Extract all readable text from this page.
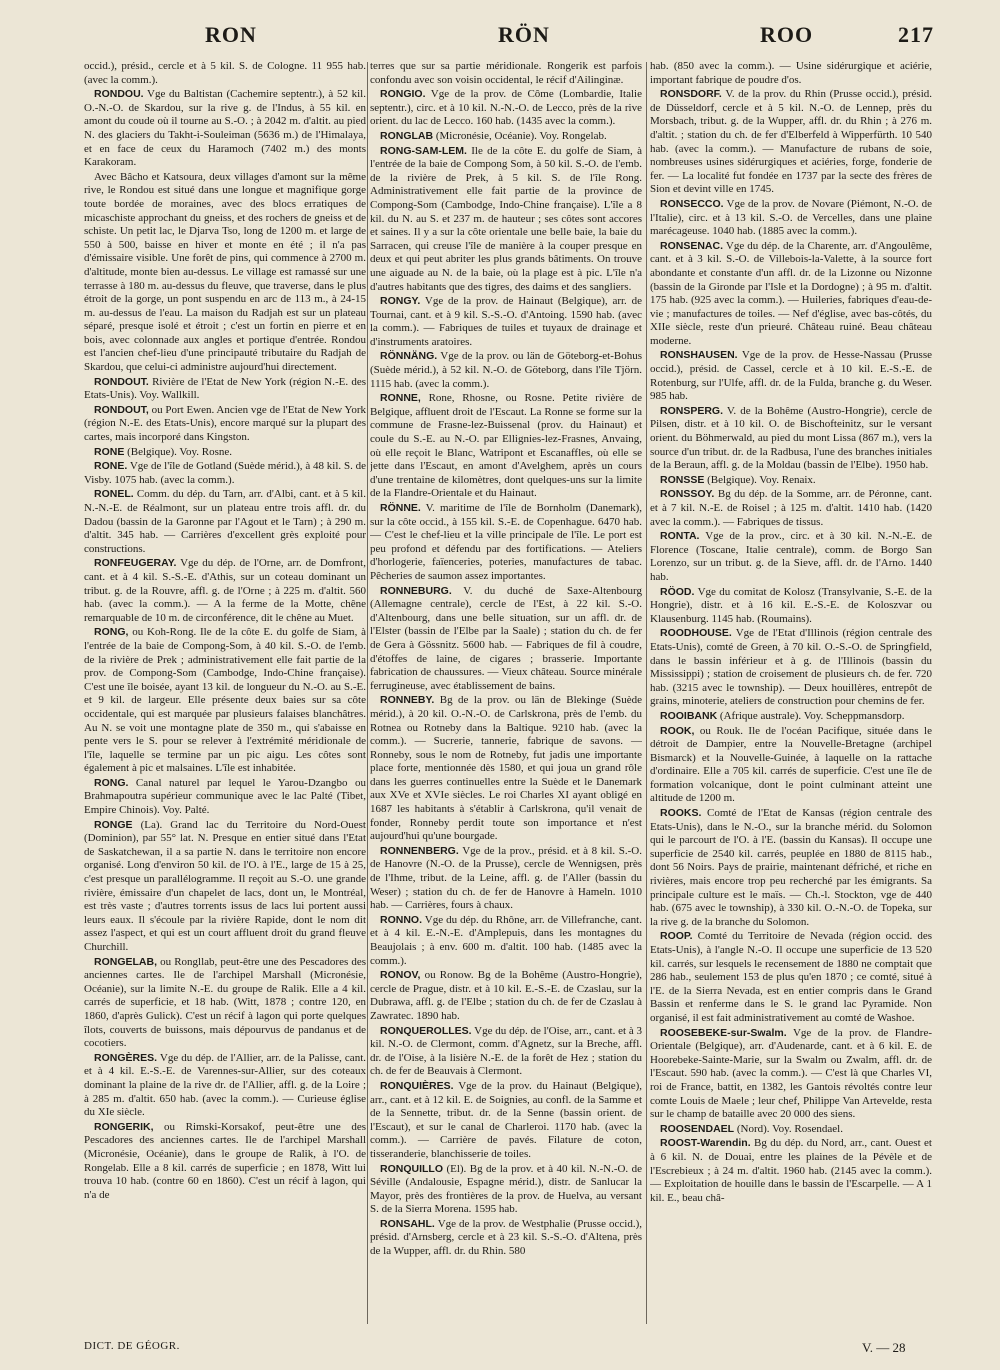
RON	RÖN	ROO	217

occid.), présid., cercle et à 5 kil. S. de Cologne. 11 955 hab. (avec la comm.).

RONDOU. Vge du Baltistan (Cachemire septentr.), à 52 kil. O.-N.-O. de Skardou, sur la rive g. de l'Indus, à 55 kil. en amont du coude où il tourne au S.-O. ; à 2042 m. d'altit. au pied N. des glaciers du Takht-i-Souleiman (5636 m.) de l'Himalaya, et en face de ceux du Haramoch (7402 m.) des monts Karakoram.

Avec Bâcho et Katsoura, deux villages d'amont sur la même rive, le Rondou est situé dans une longue et magnifique gorge toute bordée de moraines, avec des blocs erratiques de micaschiste approchant du gneiss, et des rochers de gneiss et de schiste. Un petit lac, le Djarva Tso, long de 1200 m. et large de 550 à 500, baisse en hiver et monte en été ; il n'a pas d'émissaire visible. Une forêt de pins, qui commence à 2700 m. d'altitude, monte bien au-dessus. Le village est ramassé sur une terrasse à 180 m. au-dessus du fleuve, que traverse, dans le plus étroit de la gorge, un pont suspendu en arc de 113 m., à 24-15 m. au-dessus de l'eau. La maison du Radjah est sur un plateau séparé, presque isolé et étroit ; c'est un fortin en pierre et en bois, avec colonnade aux angles et portique d'entrée. Rondou est l'ancien chef-lieu d'une principauté tributaire du Radjah de Skardou, que celui-ci administre aujourd'hui directement.

RONDOUT. Rivière de l'Etat de New York (région N.-E. des Etats-Unis). Voy. Wallkill.

RONDOUT, ou Port Ewen. Ancien vge de l'Etat de New York (région N.-E. des Etats-Unis), encore marqué sur la plupart des cartes, mais incorporé dans Kingston.

RONE (Belgique). Voy. Rosne.

RONE. Vge de l'île de Gotland (Suède mérid.), à 48 kil. S. de Visby. 1075 hab. (avec la comm.).

RONEL. Comm. du dép. du Tarn, arr. d'Albi, cant. et à 5 kil. N.-N.-E. de Réalmont, sur un plateau entre trois affl. dr. du Dadou (bassin de la Garonne par l'Agout et le Tarn) ; à 290 m. d'altit. 345 hab. — Carrières d'excellent grès exploité pour constructions.

RONFEUGERAY. Vge du dép. de l'Orne, arr. de Domfront, cant. et à 4 kil. S.-S.-E. d'Athis, sur un coteau dominant un tribut. g. de la Rouvre, affl. g. de l'Orne ; à 225 m. d'altit. 560 hab. (avec la comm.). — A la ferme de la Motte, chêne remarquable de 10 m. de circonférence, dit le chêne au Muet.

RONG, ou Koh-Rong. Ile de la côte E. du golfe de Siam, à l'entrée de la baie de Compong-Som, à 40 kil. S.-O. de l'emb. de la rivière de Prek ; administrativement elle fait partie de la prov. de Compong-Som (Cambodge, Indo-Chine française). C'est une île boisée, ayant 13 kil. de longueur du N.-O. au S.-E. et 9 kil. de largeur. Elle présente deux baies sur sa côte occidentale, qui est marquée par plusieurs falaises blanchâtres. Au N. se voit une montagne plate de 350 m., qui s'abaisse en pente vers le S. pour se relever à l'extrémité méridionale de l'île, laquelle se termine par un pic aigu. Les côtes sont également à pic et malsaines. L'île est inhabitée.

RONG. Canal naturel par lequel le Yarou-Dzangbo ou Brahmapoutra supérieur communique avec le lac Palté (Tibet, Empire Chinois). Voy. Palté.

RONGE (La). Grand lac du Territoire du Nord-Ouest (Dominion), par 55° lat. N. Presque en entier situé dans l'Etat de Saskatchewan, il a sa partie N. dans le territoire non encore organisé. Long d'environ 50 kil. de l'O. à l'E., large de 15 à 25, c'est presque un parallélogramme. Il reçoit au S.-O. une grande rivière, émissaire d'un chapelet de lacs, dont un, le Montréal, est très vaste ; d'autres torrents issus de lacs lui portent aussi leurs eaux. Il s'écoule par la rivière Rapide, dont le nom dit assez l'aspect, et qui est un court affluent droit du grand fleuve Churchill.

RONGELAB, ou Rongllab, peut-être une des Pescadores des anciennes cartes. Ile de l'archipel Marshall (Micronésie, Océanie), sur la limite N.-E. du groupe de Ralik. Elle a 4 kil. carrés de superficie, et 18 hab. (Witt, 1878 ; contre 120, en 1860, d'après Gulick). C'est un récif à lagon qui porte quelques îlots, couverts de buissons, mais dépourvus de pandanus et de cocotiers.

RONGÈRES. Vge du dép. de l'Allier, arr. de la Palisse, cant. et à 4 kil. E.-S.-E. de Varennes-sur-Allier, sur des coteaux dominant la plaine de la rive dr. de l'Allier, affl. g. de la Loire ; à 285 m. d'altit. 650 hab. (avec la comm.). — Curieuse église du XIe siècle.

RONGERIK, ou Rimski-Korsakof, peut-être une des Pescadores des anciennes cartes. Ile de l'archipel Marshall (Micronésie, Océanie), dans le groupe de Ralik, à l'O. de Rongelab. Elle a 8 kil. carrés de superficie ; en 1878, Witt lui trouva 10 hab. (contre 60 en 1860). C'est un récif à lagon, qui n'a de

terres que sur sa partie méridionale. Rongerik est parfois confondu avec son voisin occidental, le récif d'Ailinginæ.

RONGIO. Vge de la prov. de Côme (Lombardie, Italie septentr.), circ. et à 10 kil. N.-N.-O. de Lecco, près de la rive orient. du lac de Lecco. 160 hab. (1435 avec la comm.).

RONGLAB (Micronésie, Océanie). Voy. Rongelab.

RONG-SAM-LEM. Ile de la côte E. du golfe de Siam, à l'entrée de la baie de Compong Som, à 50 kil. S.-O. de l'emb. de la rivière de Prek, à 5 kil. S. de l'île Rong. Administrativement elle fait partie de la province de Compong-Som (Cambodge, Indo-Chine française). L'île a 8 kil. du N. au S. et 237 m. de hauteur ; ses côtes sont accores et saines. Il y a sur la côte orientale une belle baie, la baie du Sarracen, qui creuse l'île de manière à la couper presque en deux et qui peut abriter les plus grands bâtiments. On trouve une aiguade au N. de la baie, où la plage est à pic. L'île n'a d'autres habitants que des tigres, des daims et des sangliers.

RONGY. Vge de la prov. de Hainaut (Belgique), arr. de Tournai, cant. et à 9 kil. S.-S.-O. d'Antoing. 1590 hab. (avec la comm.). — Fabriques de tuiles et tuyaux de drainage et d'instruments aratoires.

RÖNNÄNG. Vge de la prov. ou län de Göteborg-et-Bohus (Suède mérid.), à 52 kil. N.-O. de Göteborg, dans l'île Tjörn. 1115 hab. (avec la comm.).

RONNE, Rone, Rhosne, ou Rosne. Petite rivière de Belgique, affluent droit de l'Escaut. La Ronne se forme sur la commune de Frasne-lez-Buissenal (prov. du Hainaut) et coule du S.-E. au N.-O. par Ellignies-lez-Frasnes, Anvaing, où elle reçoit le Blanc, Watripont et Escanaffles, où elle se jette dans l'Escaut, en amont d'Avelghem, après un cours d'une trentaine de kilomètres, dont quelques-uns sur la limite de la Flandre-Orientale et du Hainaut.

RÖNNE. V. maritime de l'île de Bornholm (Danemark), sur la côte occid., à 155 kil. S.-E. de Copenhague. 6470 hab. — C'est le chef-lieu et la ville principale de l'île. Le port est peu profond et défendu par des fortifications. — Ateliers d'horlogerie, faïenceries, poteries, manufactures de tabac. Pêcheries de saumon assez importantes.

RONNEBURG. V. du duché de Saxe-Altenbourg (Allemagne centrale), cercle de l'Est, à 22 kil. S.-O. d'Altenbourg, dans une belle situation, sur un affl. dr. de l'Elster (bassin de l'Elbe par la Saale) ; station du ch. de fer de Gera à Gössnitz. 5600 hab. — Fabriques de fil à coudre, d'étoffes de laine, de cigares ; brasserie. Importante fabrication de chaussures. — Vieux château. Source minérale ferrugineuse, avec établissement de bains.

RONNEBY. Bg de la prov. ou län de Blekinge (Suède mérid.), à 20 kil. O.-N.-O. de Carlskrona, près de l'emb. du Rotnea ou Rotneby dans la Baltique. 9210 hab. (avec la comm.). — Sucrerie, tannerie, fabrique de savons. — Ronneby, sous le nom de Rotneby, fut jadis une importante place forte, mentionnée dès 1580, et qui joua un grand rôle dans les guerres continuelles entre la Suède et le Danemark aux XVe et XVIe siècles. Le roi Charles XI ayant obligé en 1687 les habitants à s'établir à Carlskrona, qu'il venait de fonder, Ronneby perdit toute son importance et n'est aujourd'hui qu'une bourgade.

RONNENBERG. Vge de la prov., présid. et à 8 kil. S.-O. de Hanovre (N.-O. de la Prusse), cercle de Wennigsen, près de l'Ihme, tribut. de la Leine, affl. g. de l'Aller (bassin du Weser) ; station du ch. de fer de Hanovre à Hameln. 1010 hab. — Carrières, fours à chaux.

RONNO. Vge du dép. du Rhône, arr. de Villefranche, cant. et à 4 kil. E.-N.-E. d'Amplepuis, dans les montagnes du Beaujolais ; à env. 600 m. d'altit. 100 hab. (1485 avec la comm.).

RONOV, ou Ronow. Bg de la Bohême (Austro-Hongrie), cercle de Prague, distr. et à 10 kil. E.-S.-E. de Czaslau, sur la Dubrawa, affl. g. de l'Elbe ; station du ch. de fer de Czaslau à Zawratec. 1890 hab.

RONQUEROLLES. Vge du dép. de l'Oise, arr., cant. et à 3 kil. N.-O. de Clermont, comm. d'Agnetz, sur la Breche, affl. dr. de l'Oise, à la lisière N.-E. de la forêt de Hez ; station du ch. de fer de Beauvais à Clermont.

RONQUIÈRES. Vge de la prov. du Hainaut (Belgique), arr., cant. et à 12 kil. E. de Soignies, au confl. de la Samme et de la Sennette, tribut. dr. de la Senne (bassin orient. de l'Escaut), et sur le canal de Charleroi. 1170 hab. (avec la comm.). — Carrière de pavés. Filature de coton, tisseranderie, blanchisserie de toiles.

RONQUILLO (El). Bg de la prov. et à 40 kil. N.-N.-O. de Séville (Andalousie, Espagne mérid.), distr. de Sanlucar la Mayor, près des frontières de la prov. de Huelva, au versant S. de la Sierra Morena. 1595 hab.

RONSAHL. Vge de la prov. de Westphalie (Prusse occid.), présid. d'Arnsberg, cercle et à 23 kil. S.-S.-O. d'Altena, près de la Wupper, affl. dr. du Rhin. 580

hab. (850 avec la comm.). — Usine sidérurgique et aciérie, important fabrique de poudre d'os.

RONSDORF. V. de la prov. du Rhin (Prusse occid.), présid. de Düsseldorf, cercle et à 5 kil. N.-O. de Lennep, près du Morsbach, tribut. g. de la Wupper, affl. dr. du Rhin ; à 276 m. d'altit. ; station du ch. de fer d'Elberfeld à Wipperfürth. 10 540 hab. (avec la comm.). — Manufacture de rubans de soie, nombreuses usines sidérurgiques et aciéries, forge, fonderie de fer. — La localité fut fondée en 1737 par la secte des frères de Sion et devint ville en 1745.

RONSECCO. Vge de la prov. de Novare (Piémont, N.-O. de l'Italie), circ. et à 13 kil. S.-O. de Vercelles, dans une plaine marécageuse. 1040 hab. (1885 avec la comm.).

RONSENAC. Vge du dép. de la Charente, arr. d'Angoulême, cant. et à 3 kil. S.-O. de Villebois-la-Valette, à la source fort abondante et constante d'un affl. dr. de la Lizonne ou Nizonne (bassin de la Gironde par l'Isle et la Dordogne) ; à 95 m. d'altit. 175 hab. (925 avec la comm.). — Huileries, fabriques d'eau-de-vie ; manufactures de toiles. — Nef d'église, avec bas-côtés, du XIIe siècle, reste d'un prieuré. Château ruiné. Beau château moderne.

RONSHAUSEN. Vge de la prov. de Hesse-Nassau (Prusse occid.), présid. de Cassel, cercle et à 10 kil. E.-S.-E. de Rotenburg, sur l'Ulfe, affl. dr. de la Fulda, branche g. du Weser. 985 hab.

RONSPERG. V. de la Bohême (Austro-Hongrie), cercle de Pilsen, distr. et à 10 kil. O. de Bischofteinitz, sur le versant orient. du Böhmerwald, au pied du mont Lissa (867 m.), vers la source d'un tribut. dr. de la Radbusa, l'une des branches initiales de la Beraun, affl. g. de la Moldau (bassin de l'Elbe). 1950 hab.

RONSSE (Belgique). Voy. Renaix.

RONSSOY. Bg du dép. de la Somme, arr. de Péronne, cant. et à 7 kil. N.-E. de Roisel ; à 125 m. d'altit. 1410 hab. (1420 avec la comm.). — Fabriques de tissus.

RONTA. Vge de la prov., circ. et à 30 kil. N.-N.-E. de Florence (Toscane, Italie centrale), comm. de Borgo San Lorenzo, sur un tribut. g. de la Sieve, affl. dr. de l'Arno. 1440 hab.

RÖOD. Vge du comitat de Kolosz (Transylvanie, S.-E. de la Hongrie), distr. et à 16 kil. E.-S.-E. de Koloszvar ou Klausenburg. 1145 hab. (Roumains).

ROODHOUSE. Vge de l'Etat d'Illinois (région centrale des Etats-Unis), comté de Green, à 70 kil. O.-S.-O. de Springfield, dans le bassin inférieur et à g. de l'Illinois (bassin du Mississippi) ; station de croisement de plusieurs ch. de fer. 720 hab. (3215 avec le township). — Deux houillères, entrepôt de grains, minoterie, ateliers de construction pour chemins de fer.

ROOIBANK (Afrique australe). Voy. Scheppmansdorp.

ROOK, ou Rouk. Ile de l'océan Pacifique, située dans le détroit de Dampier, entre la Nouvelle-Bretagne (archipel Bismarck) et la Nouvelle-Guinée, à laquelle on la rattache d'ordinaire. Elle a 705 kil. carrés de superficie. C'est une île de formation volcanique, dont le point culminant atteint une altitude de 1200 m.

ROOKS. Comté de l'Etat de Kansas (région centrale des Etats-Unis), dans le N.-O., sur la branche mérid. du Solomon qui le parcourt de l'O. à l'E. (bassin du Kansas). Il occupe une superficie de 2540 kil. carrés, peuplée en 1880 de 8115 hab., dont 56 Noirs. Pays de prairie, maintenant défriché, et riche en rivières, mais encore trop peu recherché par les émigrants. Sa principale culture est le maïs. — Ch.-l. Stockton, vge de 440 hab. (675 avec le township), à 330 kil. O.-N.-O. de Topeka, sur la rive g. de la branche du Solomon.

ROOP. Comté du Territoire de Nevada (région occid. des Etats-Unis), à l'angle N.-O. Il occupe une superficie de 13 520 kil. carrés, sur lesquels le recensement de 1880 ne comptait que 286 hab., seulement 153 de plus qu'en 1870 ; ce comté, situé à l'E. de la Sierra Nevada, est en entier compris dans le Grand Bassin et renferme dans le S. le grand lac Pyramide. Non organisé, il est fait administrativement au comté de Washoe.

ROOSEBEKE-sur-Swalm. Vge de la prov. de Flandre-Orientale (Belgique), arr. d'Audenarde, cant. et à 6 kil. E. de Hoorebeke-Sainte-Marie, sur la Swalm ou Zwalm, affl. dr. de l'Escaut. 590 hab. (avec la comm.). — C'est là que Charles VI, roi de France, battit, en 1382, les Gantois révoltés contre leur comte Louis de Maele ; leur chef, Philippe Van Artevelde, resta sur le champ de bataille avec 20 000 des siens.

ROOSENDAEL (Nord). Voy. Rosendael.

ROOST-Warendin. Bg du dép. du Nord, arr., cant. Ouest et à 6 kil. N. de Douai, entre les plaines de la Pévèle et de l'Escrebieux ; à 24 m. d'altit. 1960 hab. (2145 avec la comm.). — Exploitation de houille dans le bassin de l'Escarpelle. — A 1 kil. E., beau châ-

DICT. DE GÉOGR.	V. — 28
